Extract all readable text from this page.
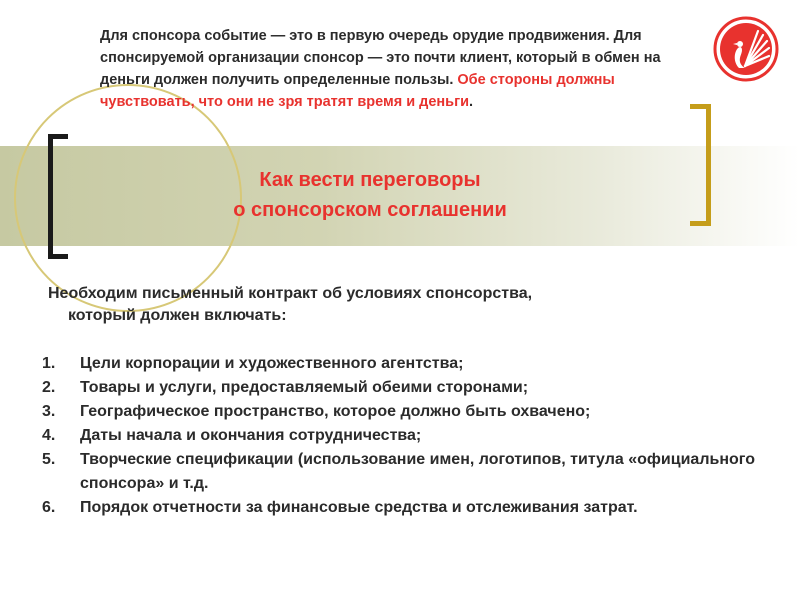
Для спонсора событие — это в первую очередь орудие продвижения. Для спонсируемой организации спонсор — это почти клиент, который в обмен на деньги должен получить определенные пользы. Обе стороны должны чувствовать, что они не зря тратят время и деньги.
Как вести переговоры
о спонсорском соглашении
Необходим письменный контракт об условиях спонсорства,
который должен включать:
1.	Цели корпорации и художественного агентства;
2.	Товары и услуги, предоставляемый обеими сторонами;
3.	Географическое пространство, которое должно быть охвачено;
4.	Даты начала и окончания сотрудничества;
5.	Творческие спецификации (использование имен, логотипов, титула «официального спонсора» и т.д.
6.	Порядок отчетности за финансовые средства и отслеживания затрат.
